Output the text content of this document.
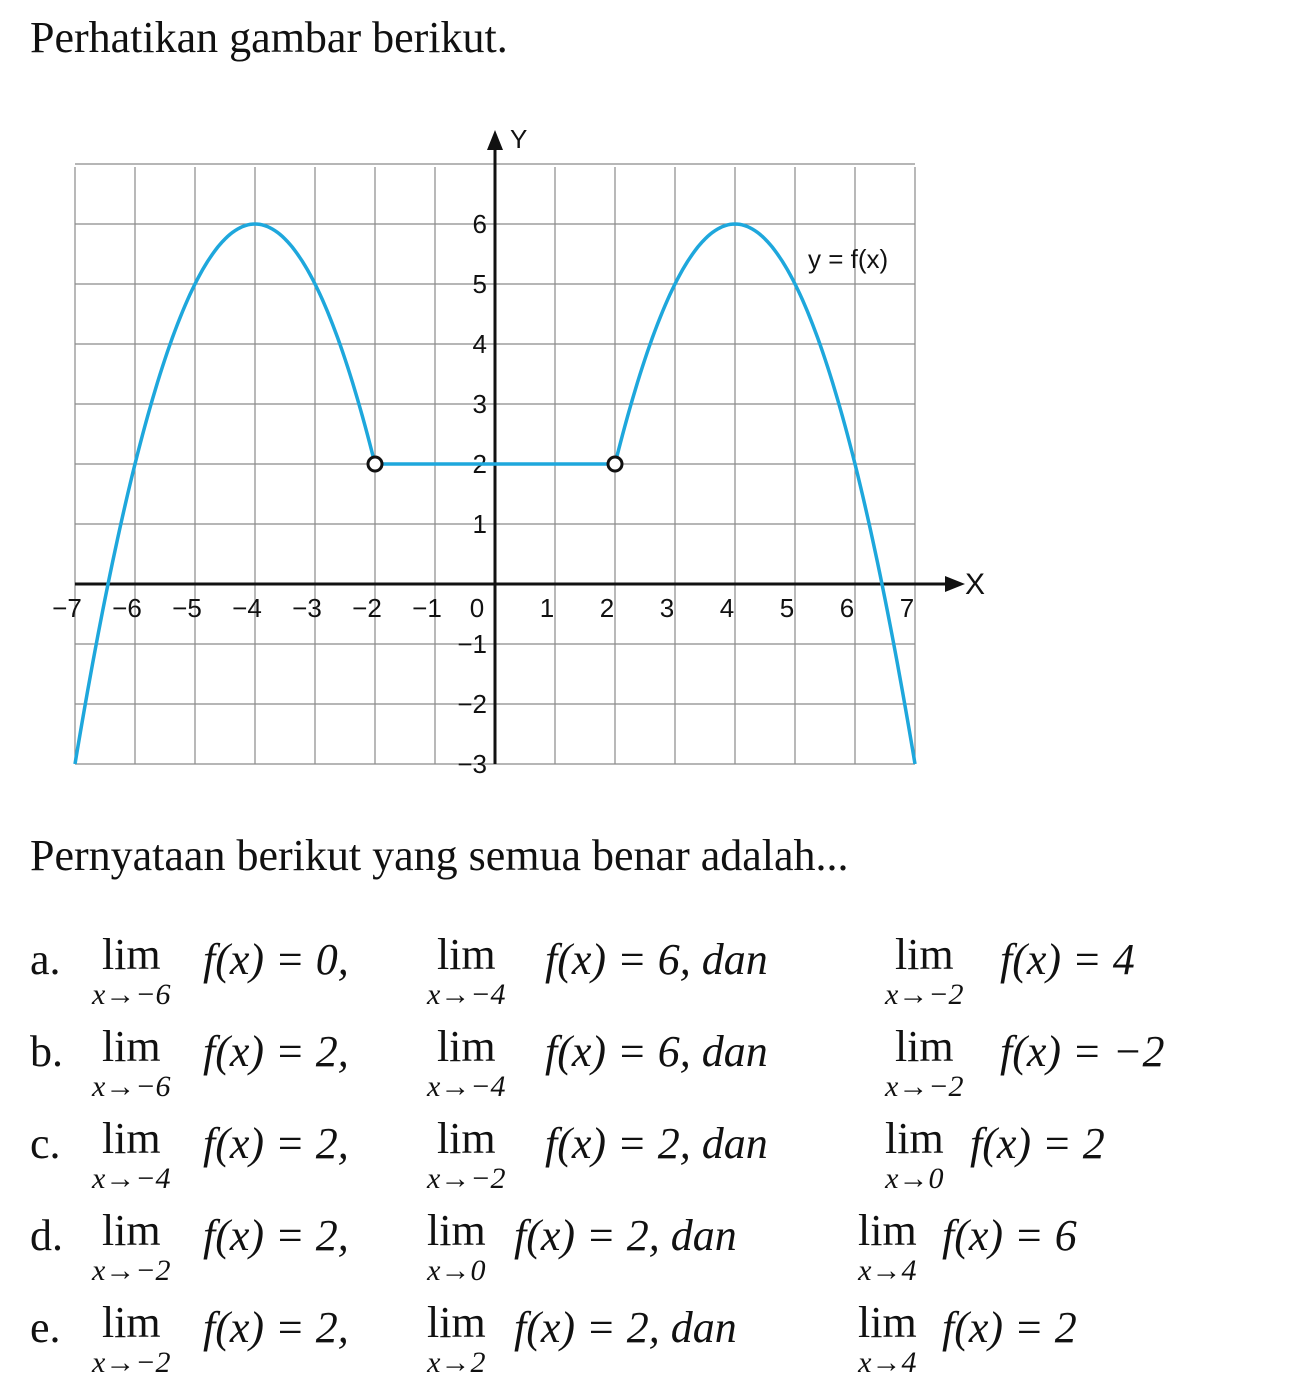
Perhatikan gambar berikut.
−7 −6 −5 −4 −3 −2 −1 0 1 2 3 4 5 6 7
6
5
4
3
2
1
−1
−2
−3
y = f(x)
X
Y
Pernyataan berikut yang semua benar adalah...
a. lim
x→−6
f(x) = 0, lim
x→−4
f(x) = 6, dan	lim
x→−2
f(x) = 4
b. lim
x→−6
f(x) = 2, lim
x→−4
f(x) = 6, dan	lim
x→−2
f(x) = −2
c. lim
x→−4
f(x) = 2, lim
x→−2
f(x) = 2, dan	lim
x→0
f(x) = 2
d. lim
x→−2
f(x) = 2, lim
x→0
f(x) = 2, dan	lim
x→4
f(x) = 6
e. lim
x→−2
f(x) = 2, lim
x→2
f(x) = 2, dan	lim
x→4
f(x) = 2
